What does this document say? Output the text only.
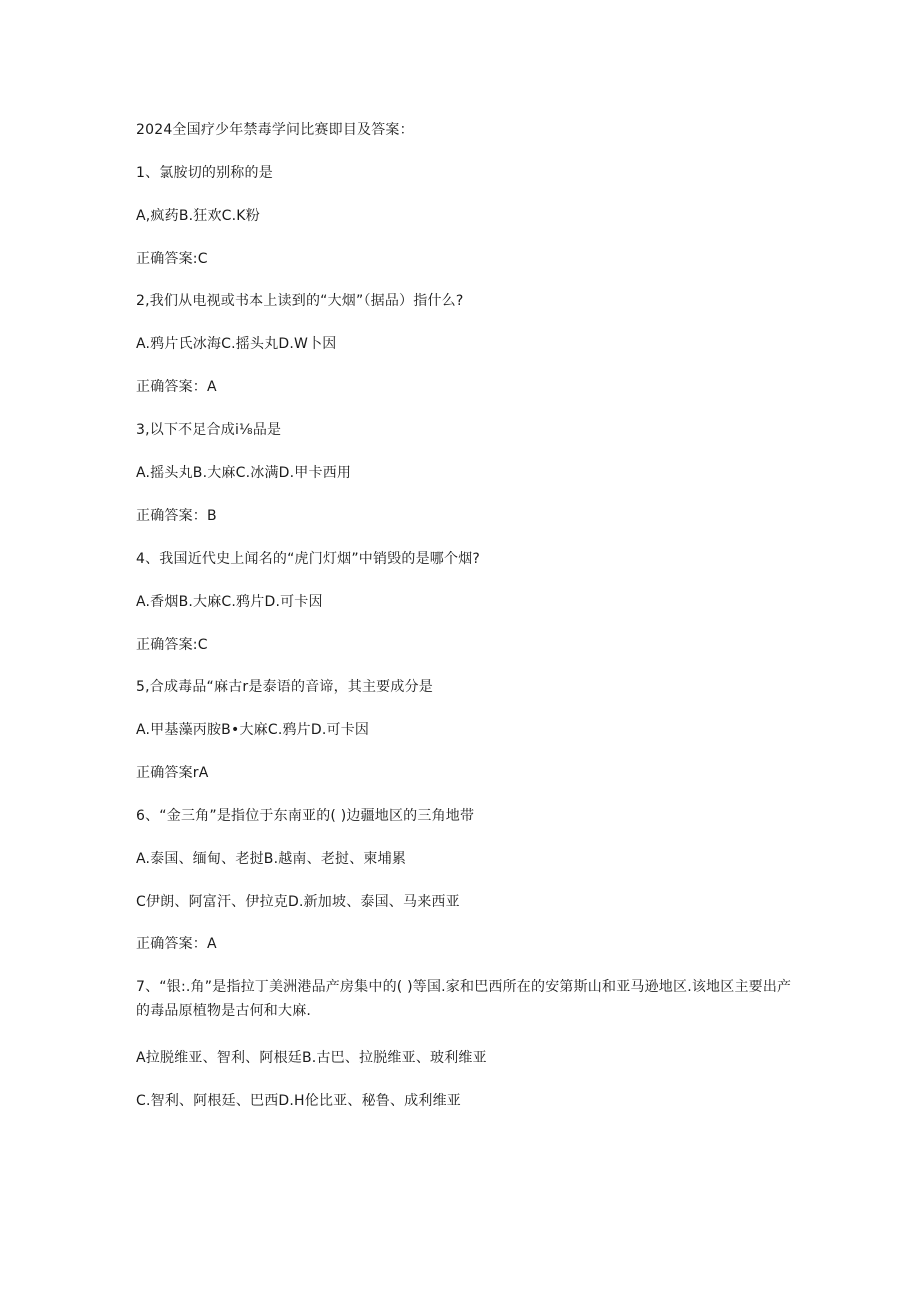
2024全国疗少年禁毒学问比赛即目及答案：
1、氯胺切的别称的是
A,疯药B.狂欢C.K粉
正确答案:C
2,我们从电视或书本上读到的“大烟”（据品）指什么?
A.鸦片氏冰海C.摇头丸D.W卜因
正确答案：A
3,以下不足合成i⅛品是
A.摇头丸B.大麻C.冰满D.甲卡西用
正确答案：B
4、我国近代史上闻名的“虎门灯烟”中销毁的是哪个烟?
A.香烟B.大麻C.鸦片D.可卡因
正确答案:C
5,合成毒品“麻古r是泰语的音谛，其主要成分是
A.甲基藻丙胺B•大麻C.鸦片D.可卡因
正确答案rA
6、“金三角”是指位于东南亚的( )边疆地区的三角地带
A.泰国、缅甸、老挝B.越南、老挝、柬埔累
C伊朗、阿富汗、伊拉克D.新加坡、泰国、马来西亚
正确答案：A
7、“银:.角”是指拉丁美洲港品产房集中的( )等国.家和巴西所在的安第斯山和亚马逊地区.该地区主要出产的毒品原植物是古何和大麻.
A拉脱维亚、智利、阿根廷B.古巴、拉脱维亚、玻利维亚
C.智利、阿根廷、巴西D.H伦比亚、秘鲁、成利维亚
